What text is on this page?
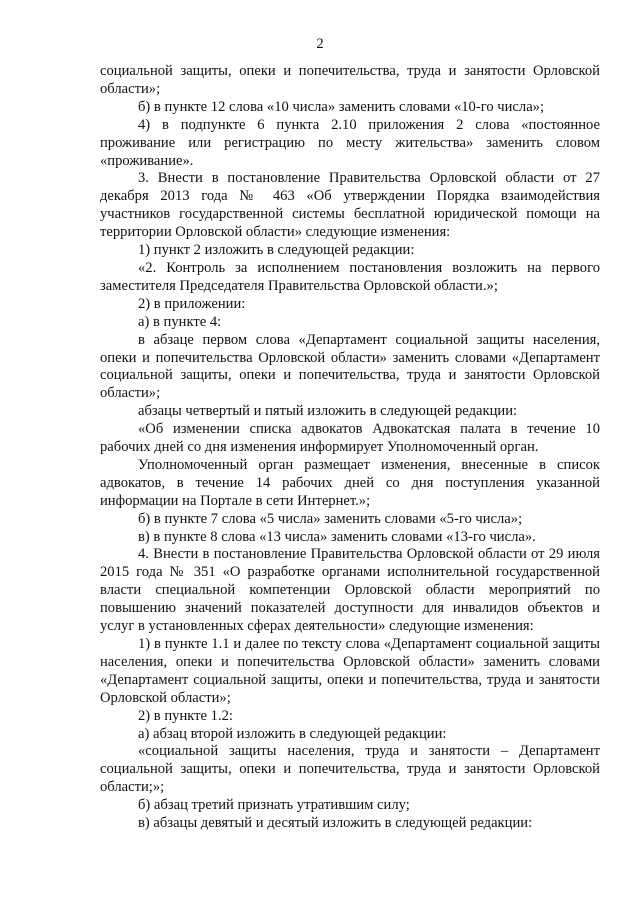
2

социальной защиты, опеки и попечительства, труда и занятости Орловской области»;

б) в пункте 12 слова «10 числа» заменить словами «10-го числа»;

4) в подпункте 6 пункта 2.10 приложения 2 слова «постоянное проживание или регистрацию по месту жительства» заменить словом «проживание».

3. Внести в постановление Правительства Орловской области от 27 декабря 2013 года № 463 «Об утверждении Порядка взаимодействия участников государственной системы бесплатной юридической помощи на территории Орловской области» следующие изменения:

1) пункт 2 изложить в следующей редакции:

«2. Контроль за исполнением постановления возложить на первого заместителя Председателя Правительства Орловской области.»;

2) в приложении:

а) в пункте 4:

в абзаце первом слова «Департамент социальной защиты населения, опеки и попечительства Орловской области» заменить словами «Департамент социальной защиты, опеки и попечительства, труда и занятости Орловской области»;

абзацы четвертый и пятый изложить в следующей редакции:

«Об изменении списка адвокатов Адвокатская палата в течение 10 рабочих дней со дня изменения информирует Уполномоченный орган.

Уполномоченный орган размещает изменения, внесенные в список адвокатов, в течение 14 рабочих дней со дня поступления указанной информации на Портале в сети Интернет.»;

б) в пункте 7 слова «5 числа» заменить словами «5-го числа»;

в) в пункте 8 слова «13 числа» заменить словами «13-го числа».

4. Внести в постановление Правительства Орловской области от 29 июля 2015 года № 351 «О разработке органами исполнительной государственной власти специальной компетенции Орловской области мероприятий по повышению значений показателей доступности для инвалидов объектов и услуг в установленных сферах деятельности» следующие изменения:

1) в пункте 1.1 и далее по тексту слова «Департамент социальной защиты населения, опеки и попечительства Орловской области» заменить словами «Департамент социальной защиты, опеки и попечительства, труда и занятости Орловской области»;

2) в пункте 1.2:

а) абзац второй изложить в следующей редакции:

«социальной защиты населения, труда и занятости – Департамент социальной защиты, опеки и попечительства, труда и занятости Орловской области;»;

б) абзац третий признать утратившим силу;

в) абзацы девятый и десятый изложить в следующей редакции:
